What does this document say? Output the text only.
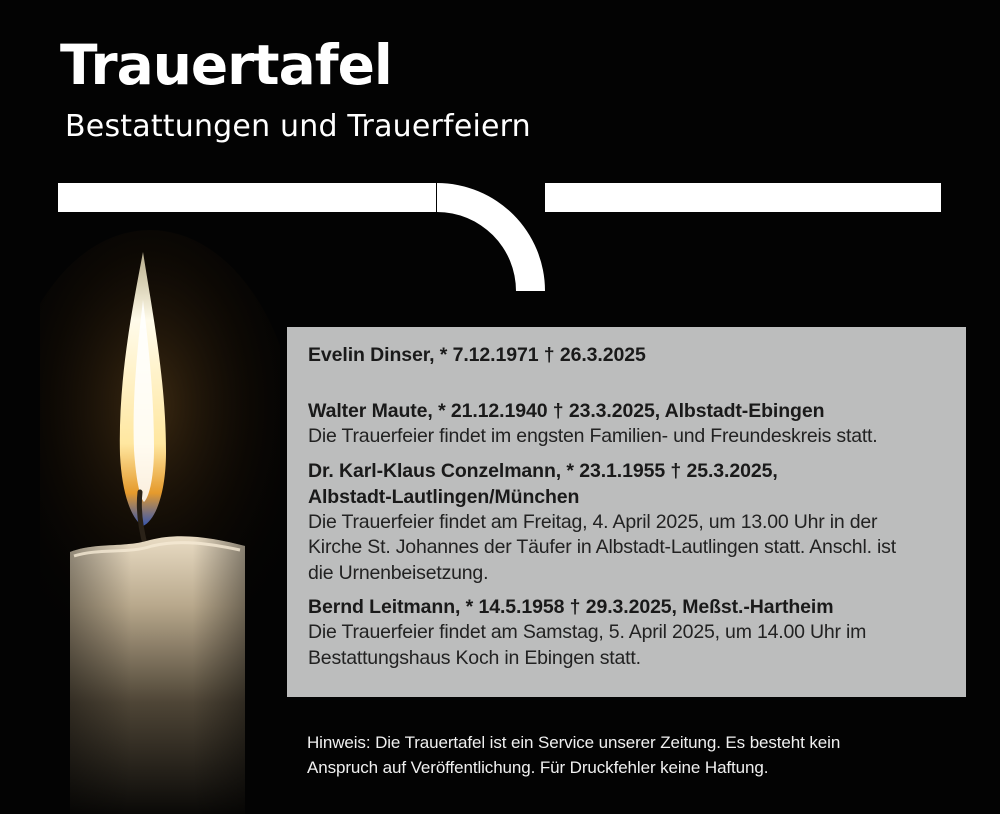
Trauertafel
Bestattungen und Trauerfeiern
Evelin Dinser, * 7.12.1971 † 26.3.2025
Walter Maute, * 21.12.1940 † 23.3.2025, Albstadt-Ebingen
Die Trauerfeier findet im engsten Familien- und Freundeskreis statt.
Dr. Karl-Klaus Conzelmann, * 23.1.1955 † 25.3.2025,
Albstadt-Lautlingen/München
Die Trauerfeier findet am Freitag, 4. April 2025, um 13.00 Uhr in der
Kirche St. Johannes der Täufer in Albstadt-Lautlingen statt. Anschl. ist
die Urnenbeisetzung.
Bernd Leitmann, * 14.5.1958 † 29.3.2025, Meßst.-Hartheim
Die Trauerfeier findet am Samstag, 5. April 2025, um 14.00 Uhr im
Bestattungshaus Koch in Ebingen statt.
Hinweis: Die Trauertafel ist ein Service unserer Zeitung. Es besteht kein
Anspruch auf Veröffentlichung. Für Druckfehler keine Haftung.
